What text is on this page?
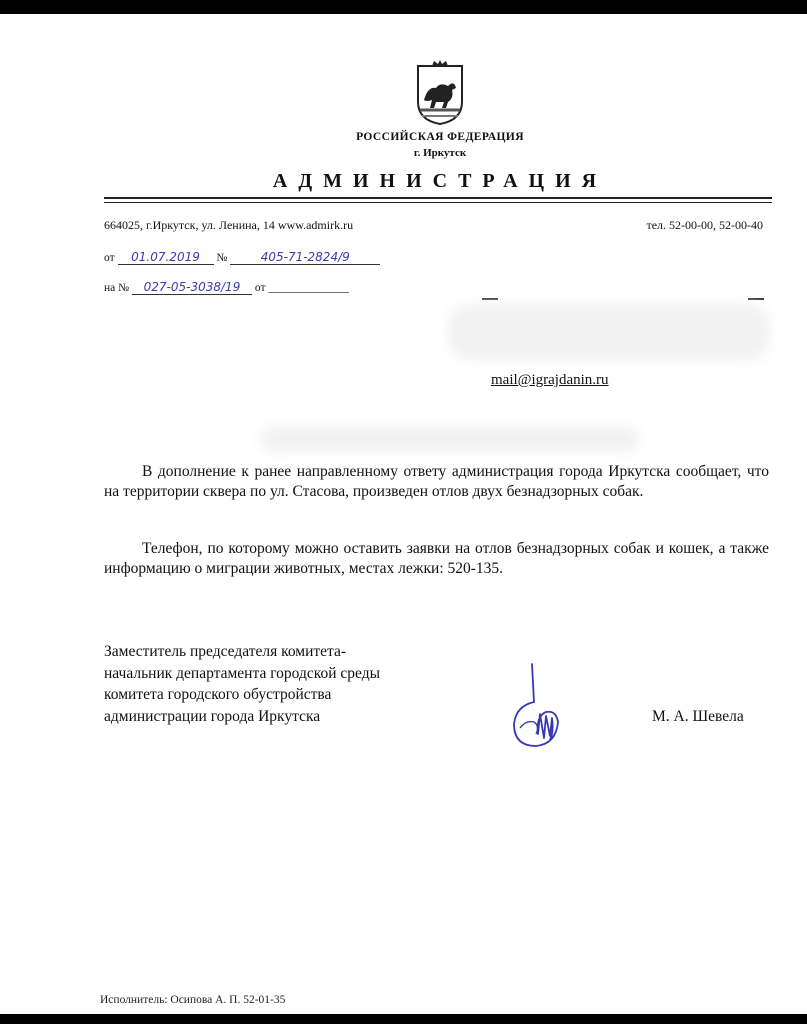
РОССИЙСКАЯ ФЕДЕРАЦИЯ
г. Иркутск
АДМИНИСТРАЦИЯ
664025, г.Иркутск, ул. Ленина, 14 www.admirk.ru	тел. 52-00-00, 52-00-40
от 01.07.2019 №	405-71-2824/9
на № 027-05-3038/19 от ______________
mail@igrajdanin.ru
В дополнение к ранее направленному ответу администрация города Иркутска сообщает, что на территории сквера по ул. Стасова, произведен отлов двух безнадзорных собак.
Телефон, по которому можно оставить заявки на отлов безнадзорных собак и кошек, а также информацию о миграции животных, местах лежки: 520-135.
Заместитель председателя комитета-
начальник департамента городской среды
комитета городского обустройства
администрации города Иркутска	М. А. Шевела
Исполнитель: Осипова А. П. 52-01-35
